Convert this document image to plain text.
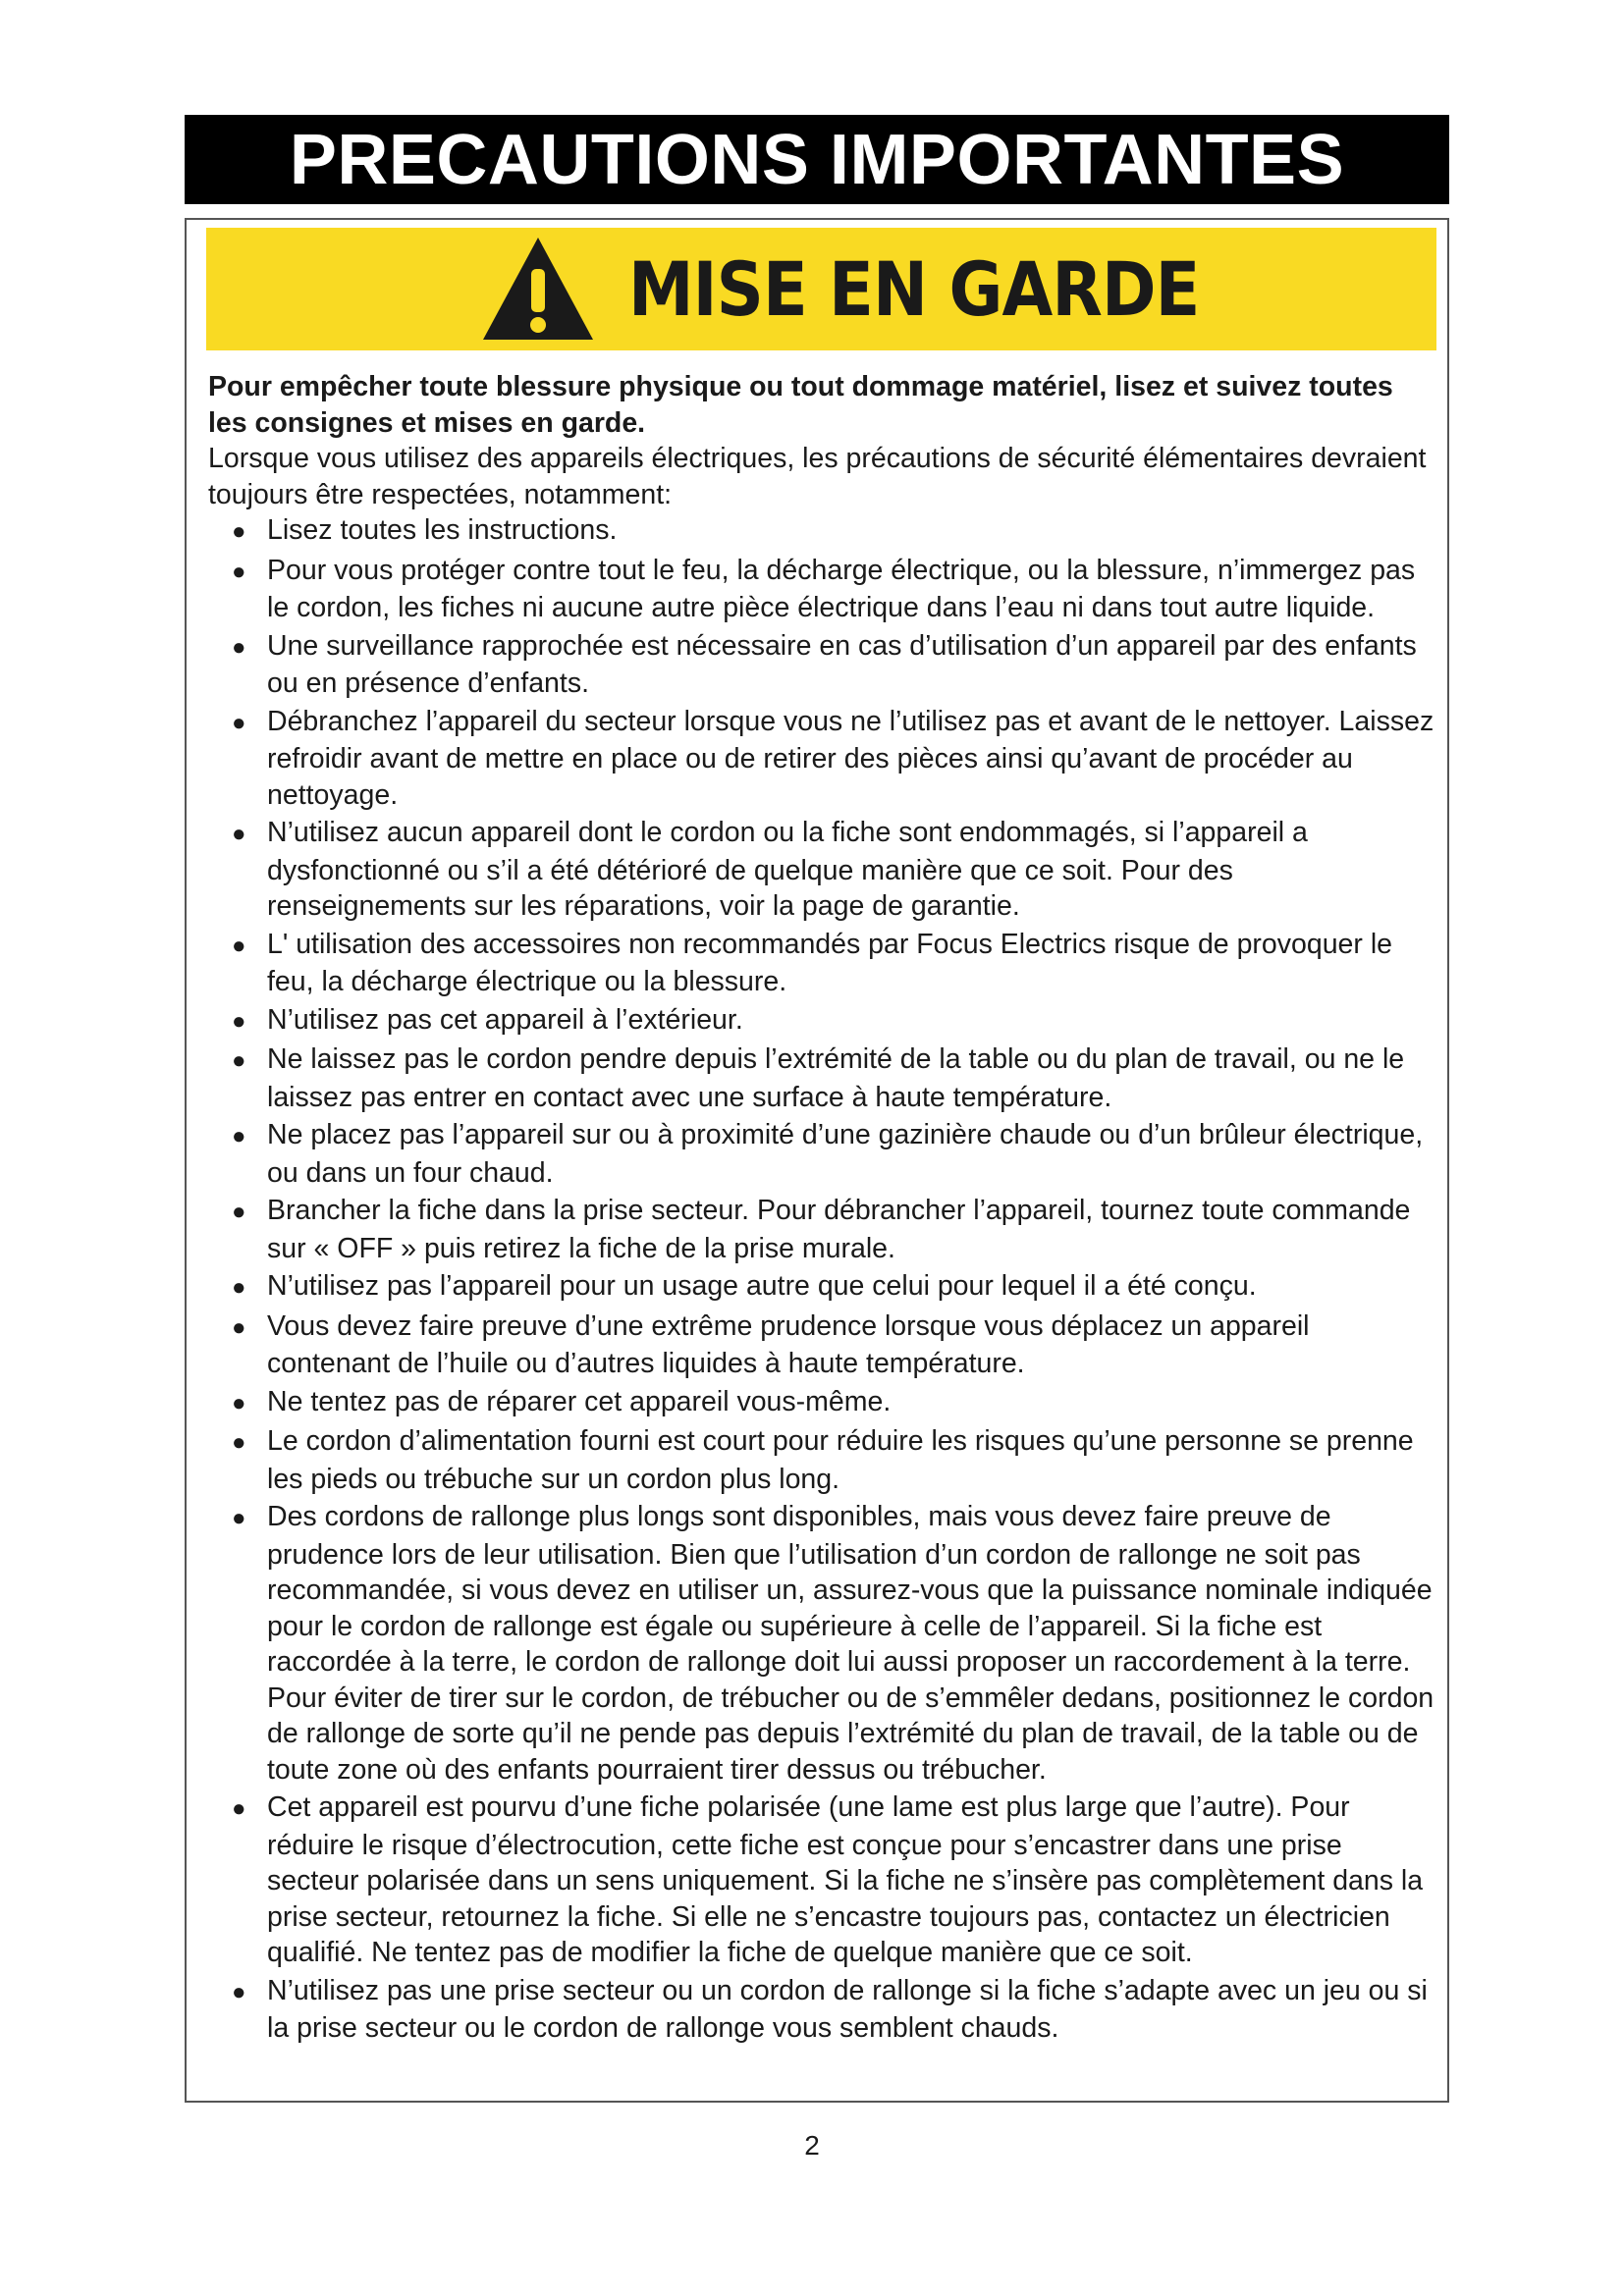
PRECAUTIONS IMPORTANTES
MISE EN GARDE

Pour empêcher toute blessure physique ou tout dommage matériel, lisez et suivez toutes les consignes et mises en garde.

Lorsque vous utilisez des appareils électriques, les précautions de sécurité élémentaires devraient toujours être respectées, notamment:

● Lisez toutes les instructions.
● Pour vous protéger contre tout le feu, la décharge électrique, ou la blessure, n’immergez pas le cordon, les fiches ni aucune autre pièce électrique dans l’eau ni dans tout autre liquide.
● Une surveillance rapprochée est nécessaire en cas d’utilisation d’un appareil par des enfants ou en présence d’enfants.
● Débranchez l’appareil du secteur lorsque vous ne l’utilisez pas et avant de le nettoyer. Laissez refroidir avant de mettre en place ou de retirer des pièces ainsi qu’avant de procéder au nettoyage.
● N’utilisez aucun appareil dont le cordon ou la fiche sont endommagés, si l’appareil a dysfonctionné ou s’il a été détérioré de quelque manière que ce soit. Pour des renseignements sur les réparations, voir la page de garantie.
● L' utilisation des accessoires non recommandés par Focus Electrics risque de provoquer le feu, la décharge électrique ou la blessure.
● N’utilisez pas cet appareil à l’extérieur.
● Ne laissez pas le cordon pendre depuis l’extrémité de la table ou du plan de travail, ou ne le laissez pas entrer en contact avec une surface à haute température.
● Ne placez pas l’appareil sur ou à proximité d’une gazinière chaude ou d’un brûleur électrique, ou dans un four chaud.
● Brancher la fiche dans la prise secteur. Pour débrancher l’appareil, tournez toute commande sur « OFF » puis retirez la fiche de la prise murale.
● N’utilisez pas l’appareil pour un usage autre que celui pour lequel il a été conçu.
● Vous devez faire preuve d’une extrême prudence lorsque vous déplacez un appareil contenant de l’huile ou d’autres liquides à haute température.
● Ne tentez pas de réparer cet appareil vous-même.
● Le cordon d’alimentation fourni est court pour réduire les risques qu’une personne se prenne les pieds ou trébuche sur un cordon plus long.
● Des cordons de rallonge plus longs sont disponibles, mais vous devez faire preuve de prudence lors de leur utilisation. Bien que l’utilisation d’un cordon de rallonge ne soit pas recommandée, si vous devez en utiliser un, assurez-vous que la puissance nominale indiquée pour le cordon de rallonge est égale ou supérieure à celle de l’appareil. Si la fiche est raccordée à la terre, le cordon de rallonge doit lui aussi proposer un raccordement à la terre. Pour éviter de tirer sur le cordon, de trébucher ou de s’emmêler dedans, positionnez le cordon de rallonge de sorte qu’il ne pende pas depuis l’extrémité du plan de travail, de la table ou de toute zone où des enfants pourraient tirer dessus ou trébucher.
● Cet appareil est pourvu d’une fiche polarisée (une lame est plus large que l’autre). Pour réduire le risque d’électrocution, cette fiche est conçue pour s’encastrer dans une prise secteur polarisée dans un sens uniquement. Si la fiche ne s’insère pas complètement dans la prise secteur, retournez la fiche. Si elle ne s’encastre toujours pas, contactez un électricien qualifié. Ne tentez pas de modifier la fiche de quelque manière que ce soit.
● N’utilisez pas une prise secteur ou un cordon de rallonge si la fiche s’adapte avec un jeu ou si la prise secteur ou le cordon de rallonge vous semblent chauds.
2
